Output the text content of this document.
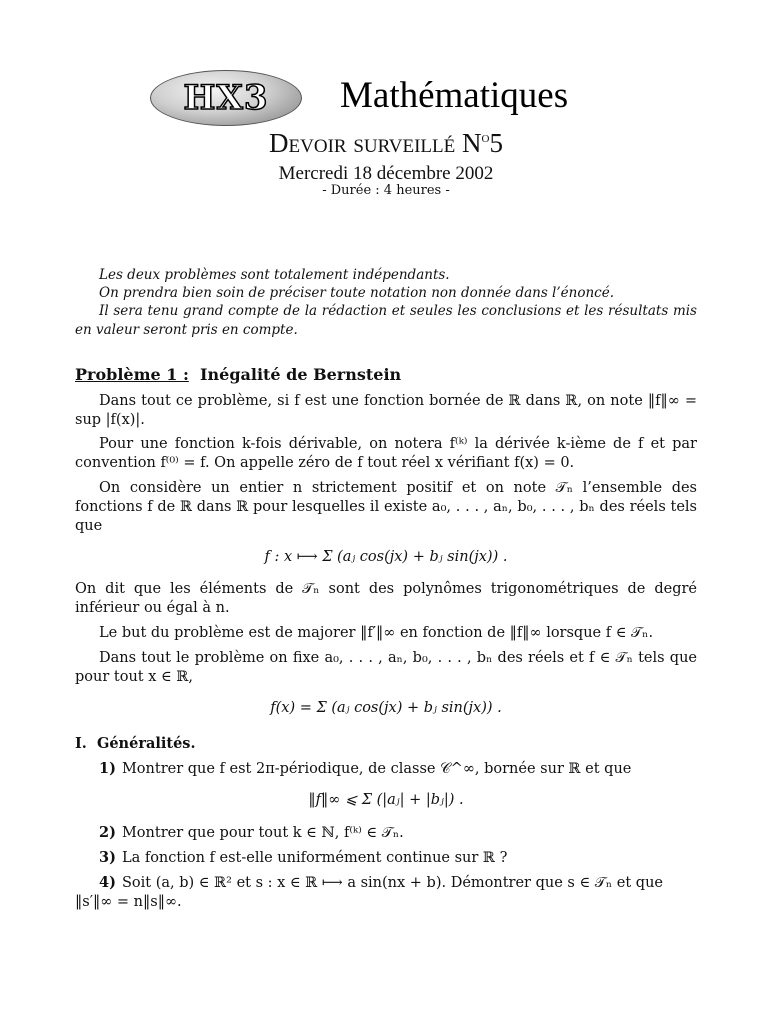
HX3 Mathématiques
Devoir surveillé $N^o5$
Mercredi 18 décembre 2002
- Durée : 4 heures -

Les deux problèmes sont totalement indépendants.

On prendra bien soin de préciser toute notation non donnée dans l’énoncé.

Il sera tenu grand compte de la rédaction et seules les conclusions et les résultats mis en valeur seront pris en compte.

Problème 1 : Inégalité de Bernstein

Dans tout ce problème, si f est une fonction bornée de ℝ dans ℝ, on note ‖f‖∞ = sup |f(x)|.

Pour une fonction k-fois dérivable, on notera f⁽ᵏ⁾ la dérivée k-ième de f et par convention f⁽⁰⁾ = f. On appelle zéro de f tout réel x vérifiant f(x) = 0.

On considère un entier n strictement positif et on note 𝒯ₙ l’ensemble des fonctions f de ℝ dans ℝ pour lesquelles il existe a₀, . . . , aₙ, b₀, . . . , bₙ des réels tels que

f : x ⟼ Σ (aⱼ cos(jx) + bⱼ sin(jx)) .

On dit que les éléments de 𝒯ₙ sont des polynômes trigonométriques de degré inférieur ou égal à n.

Le but du problème est de majorer ‖f′‖∞ en fonction de ‖f‖∞ lorsque f ∈ 𝒯ₙ.

Dans tout le problème on fixe a₀, . . . , aₙ, b₀, . . . , bₙ des réels et f ∈ 𝒯ₙ tels que pour tout x ∈ ℝ,

f(x) = Σ (aⱼ cos(jx) + bⱼ sin(jx)) .
I. Généralités.

1) Montrer que f est 2π-périodique, de classe 𝒞^∞, bornée sur ℝ et que

‖f‖∞ ⩽ Σ (|aⱼ| + |bⱼ|) .

2) Montrer que pour tout k ∈ ℕ, f⁽ᵏ⁾ ∈ 𝒯ₙ.

3) La fonction f est-elle uniformément continue sur ℝ ?

4) Soit (a, b) ∈ ℝ² et s : x ∈ ℝ ⟼ a sin(nx + b). Démontrer que s ∈ 𝒯ₙ et que ‖s′‖∞ = n‖s‖∞.
